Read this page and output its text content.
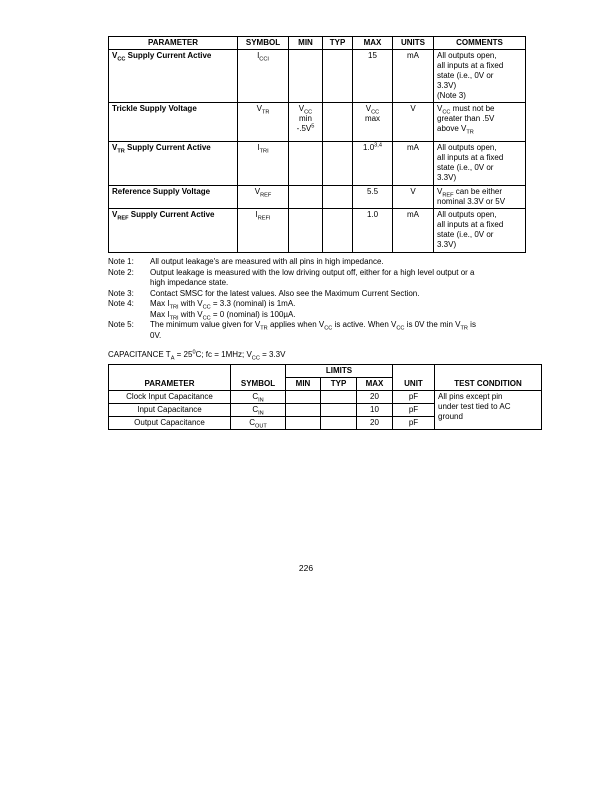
PARAMETER	SYMBOL	MIN	TYP	MAX	UNITS	COMMENTS
$V_{CC}$ Supply Current Active	$I_{CCI}$			15	mA	All outputs open,
all inputs at a fixed
state (i.e., 0V or
3.3V)
(Note 3)
Trickle Supply Voltage	$V_{TR}$	$V_{CC}$
min
$-.5V^5$		$V_{CC}$
max	V	$V_{CC}$ must not be
greater than .5V
above $V_{TR}$
$V_{TR}$ Supply Current Active	$I_{TRI}$			1.0$^{3,4}$	mA	All outputs open,
all inputs at a fixed
state (i.e., 0V or
3.3V)
Reference Supply Voltage	$V_{REF}$			5.5	V	$V_{REF}$ can be either
nominal 3.3V or 5V
$V_{REF}$ Supply Current Active	$I_{REFI}$			1.0	mA	All outputs open,
all inputs at a fixed
state (i.e., 0V or
3.3V)
Note 1:	All output leakage's are measured with all pins in high impedance.
Note 2:	Output leakage is measured with the low driving output off, either for a high level output or a
high impedance state.
Note 3:	Contact SMSC for the latest values. Also see the Maximum Current Section.
Note 4:	Max $I_{TRI}$ with $V_{CC} = 3.3$ (nominal) is 1mA.
Max $I_{TRI}$ with $V_{CC} = 0$ (nominal) is 100µA.
Note 5:	The minimum value given for $V_{TR}$ applies when $V_{CC}$ is active. When $V_{CC}$ is 0V the $\min V_{TR}$ is
0V.
CAPACITANCE $T_A = 25^0C$; fc = 1MHz; $V_{CC} = 3.3V$
PARAMETER	SYMBOL	LIMITS			UNIT	TEST CONDITION
		MIN	TYP	MAX		
Clock Input Capacitance	$C_{IN}$			20	pF	All pins except pin
under test tied to AC
ground
Input Capacitance	$C_{IN}$			10	pF	
Output Capacitance	$C_{OUT}$			20	pF	
226
